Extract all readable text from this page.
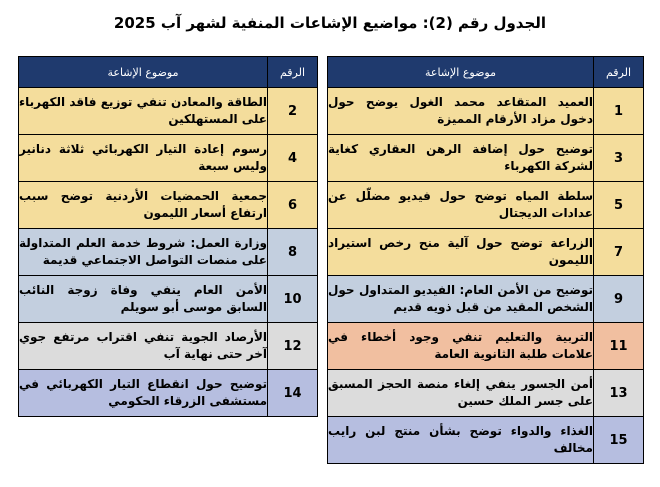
الجدول رقم (2): مواضيع الإشاعات المنفية لشهر آب 2025
الرقم	موضوع الإشاعة		الرقم	موضوع الإشاعة
1	العميد المتقاعد محمد الغول يوضح حول دخول مزاد الأرقام المميزة		2	الطاقة والمعادن تنفي توزيع فاقد الكهرباء على المستهلكين
3	توضيح حول إضافة الرهن العقاري كغاية لشركة الكهرباء		4	رسوم إعادة التيار الكهربائي ثلاثة دنانير وليس سبعة
5	سلطة المياه توضح حول فيديو مضلّل عن عدادات الديجتال		6	جمعية الحمضيات الأردنية توضح سبب ارتفاع أسعار الليمون
7	الزراعة توضح حول آلية منح رخص استيراد الليمون		8	وزارة العمل: شروط خدمة العلم المتداولة على منصات التواصل الاجتماعي قديمة
9	توضيح من الأمن العام: الفيديو المتداول حول الشخص المقيد من قبل ذويه قديم		10	الأمن العام ينفي وفاة زوجة النائب السابق موسى أبو سويلم
11	التربية والتعليم تنفي وجود أخطاء في علامات طلبة الثانوية العامة		12	الأرصاد الجوية تنفي اقتراب مرتفع جوي آخر حتى نهاية آب
13	أمن الجسور ينفي إلغاء منصة الحجز المسبق على جسر الملك حسين		14	توضيح حول انقطاع التيار الكهربائي في مستشفى الزرقاء الحكومي
15	الغذاء والدواء توضح بشأن منتج لبن رايب مخالف			
